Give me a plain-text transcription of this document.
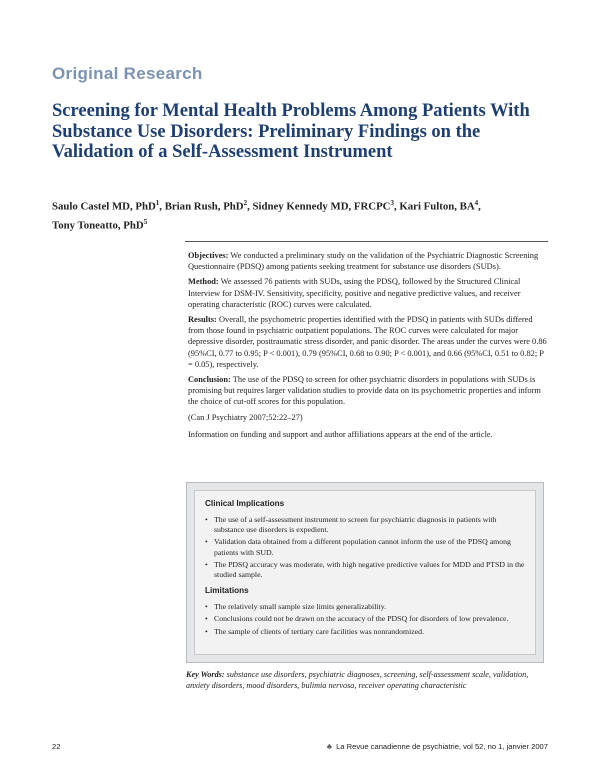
Original Research
Screening for Mental Health Problems Among Patients With Substance Use Disorders: Preliminary Findings on the Validation of a Self-Assessment Instrument

Saulo Castel MD, PhD$^1$, Brian Rush, PhD$^2$, Sidney Kennedy MD, FRCPC$^3$, Kari Fulton, $BA^4$,
Tony Toneatto, PhD$^5$

Objectives: We conducted a preliminary study on the validation of the Psychiatric Diagnostic Screening Questionnaire (PDSQ) among patients seeking treatment for substance use disorders (SUDs).

Method: We assessed 76 patients with SUDs, using the PDSQ, followed by the Structured Clinical Interview for DSM-IV. Sensitivity, specificity, positive and negative predictive values, and receiver operating characteristic (ROC) curves were calculated.

Results: Overall, the psychometric properties identified with the PDSQ in patients with SUDs differed from those found in psychiatric outpatient populations. The ROC curves were calculated for major depressive disorder, posttraumatic stress disorder, and panic disorder. The areas under the curves were 0.86 (95%CI, 0.77 to 0.95; P < 0.001), 0.79 (95%CI, 0.68 to 0.90; P < 0.001), and 0.66 (95%CI, 0.51 to 0.82; P = 0.05), respectively.

Conclusion: The use of the PDSQ to screen for other psychiatric disorders in populations with SUDs is promising but requires larger validation studies to provide data on its psychometric properties and inform the choice of cut-off scores for this population.

(Can J Psychiatry 2007;52:22–27)

Information on funding and support and author affiliations appears at the end of the article.

Clinical Implications
• The use of a self-assessment instrument to screen for psychiatric diagnosis in patients with substance use disorders is expedient.
• Validation data obtained from a different population cannot inform the use of the PDSQ among patients with SUD.
• The PDSQ accuracy was moderate, with high negative predictive values for MDD and PTSD in the studied sample.
Limitations
• The relatively small sample size limits generalizability.
• Conclusions could not be drawn on the accuracy of the PDSQ for disorders of low prevalence.
• The sample of clients of tertiary care facilities was nonrandomized.

Key Words: substance use disorders, psychiatric diagnoses, screening, self-assessment scale, validation, anxiety disorders, mood disorders, bulimia nervosa, receiver operating characteristic

22	♣ La Revue canadienne de psychiatrie, vol 52, no 1, janvier 2007
